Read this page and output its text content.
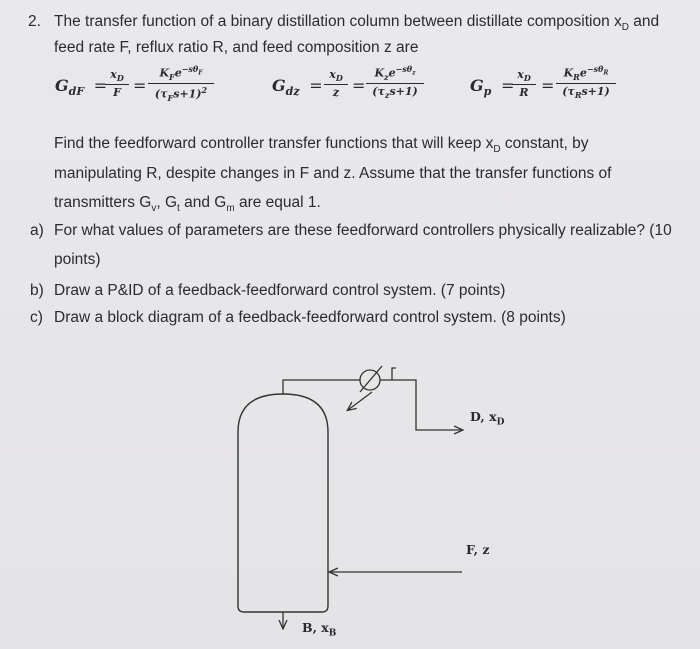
2. The transfer function of a binary distillation column between distillate composition $x_D$ and
feed rate F, reflux ratio R, and feed composition z are
$G_{dF}$ =
$\frac{x_D}{F}$ =
$K_Fe^{-s\theta_F}$
$(\tau_Fs+1)^2$	$G_{dz} = \frac{x_D}{z}$ =
$K_ze^{-s\theta_z}$
$(\tau_zs+1)$	$G_p$ =
$\frac{x_D}{R}$ =
$K_Re^{-s\theta_R}$
$(\tau_Rs+1)$
Find the feedforward controller transfer functions that will keep $x_D$ constant, by
manipulating R, despite changes in F and z. Assume that the transfer functions of
transmitters $G_v$, $G_t$ and $G_m$ are equal 1.
a) For what values of parameters are these feedforward controllers physically realizable? (10
points)
b) Draw a P&ID of a feedback-feedforward control system. (7 points)
c) Draw a block diagram of a feedback-feedforward control system. (8 points)
D, $x_D$
F, z
B, $x_B$
